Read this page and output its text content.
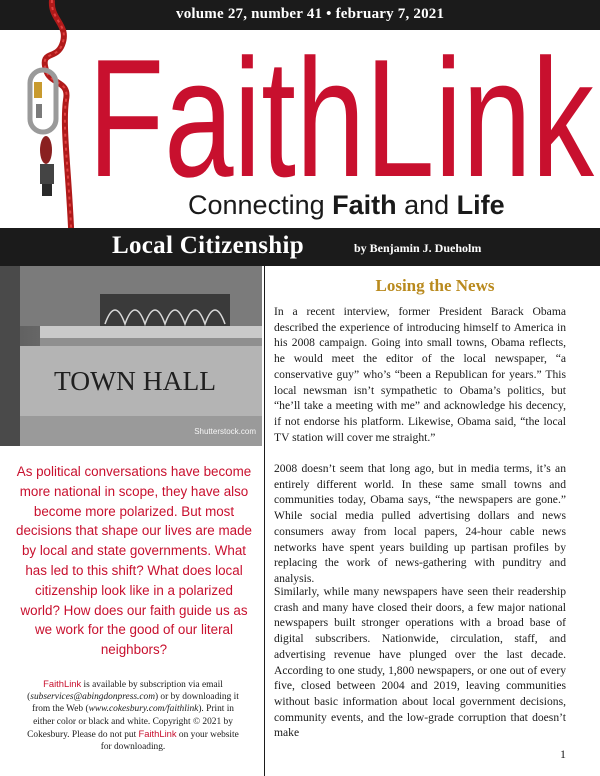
volume 27, number 41 • february 7, 2021
FaithLink
Connecting Faith and Life
Local Citizenship	by Benjamin J. Dueholm
TOWN HALL
Shutterstock.com

As political conversations have become more national in scope, they have also become more polarized. But most decisions that shape our lives are made by local and state governments. What has led to this shift? What does local citizenship look like in a polarized world? How does our faith guide us as we work for the good of our literal neighbors?

FaithLink is available by subscription via email (subservices@abingdonpress.com) or by downloading it from the Web (www.cokesbury.com/faithlink). Print in either color or black and white. Copyright © 2021 by Cokesbury. Please do not put FaithLink on your website for downloading.

Losing the News

In a recent interview, former President Barack Obama described the experience of introducing himself to America in his 2008 campaign. Going into small towns, Obama reflects, he would meet the editor of the local newspaper, “a conservative guy” who’s “been a Republican for years.” This local newsman isn’t sympathetic to Obama’s politics, but “he’ll take a meeting with me” and acknowledge his decency, if not endorse his platform. Likewise, Obama said, “the local TV station will cover me straight.”

2008 doesn’t seem that long ago, but in media terms, it’s an entirely different world. In these same small towns and communities today, Obama says, “the newspapers are gone.” While social media pulled advertising dollars and news consumers away from local papers, 24-hour cable news networks have spent years building up partisan profiles by replacing the work of news-gathering with punditry and analysis.

Similarly, while many newspapers have seen their readership crash and many have closed their doors, a few major national newspapers built stronger operations with a broad base of digital subscribers. Nationwide, circulation, staff, and advertising revenue have plunged over the last decade. According to one study, 1,800 newspapers, or one out of every five, closed between 2004 and 2019, leaving communities without basic information about local government decisions, community events, and the low-grade corruption that doesn’t make

1
